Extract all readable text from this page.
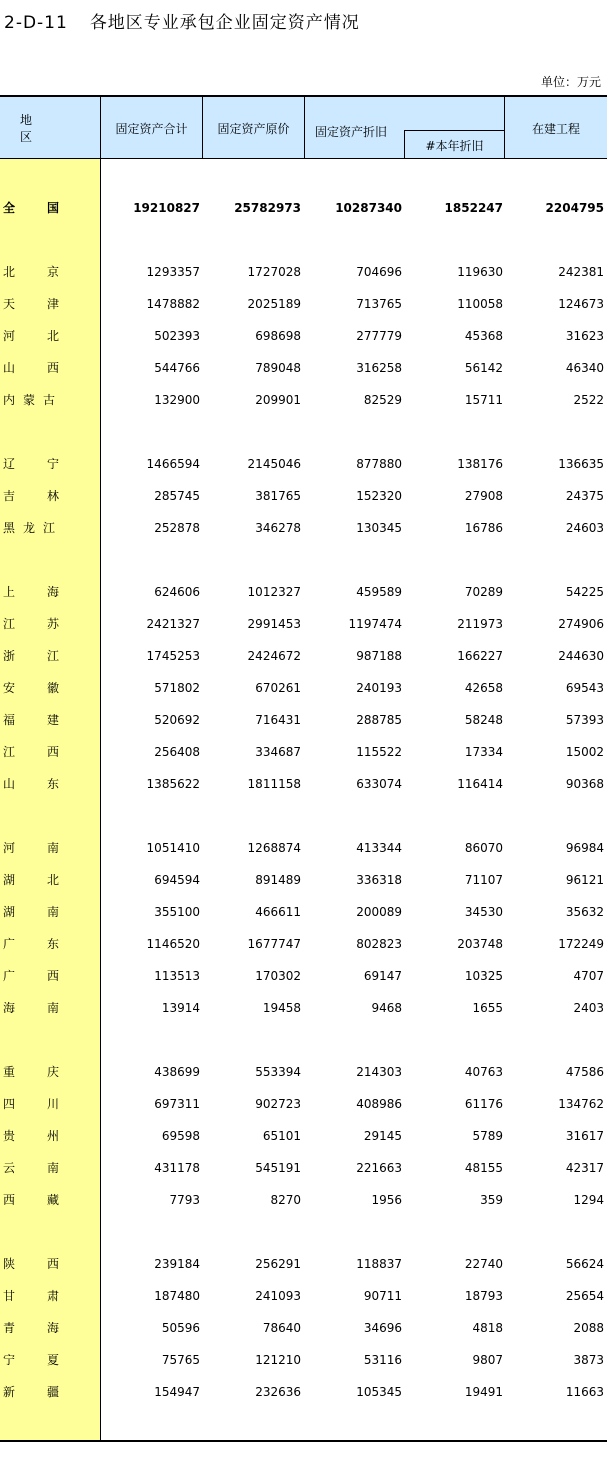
2-D-11 各地区专业承包企业固定资产情况
单位：万元
地 区
固定资产合计	固定资产原价	固定资产折旧
#本年折旧
在建工程
全	国	19210827	25782973	10287340	1852247	2204795
北	京	1293357	1727028	704696	119630	242381
天	津	1478882	2025189	713765	110058	124673
河	北	502393	698698	277779	45368	31623
山	西	544766	789048	316258	56142	46340
内 蒙 古	132900	209901	82529	15711	2522
辽	宁	1466594	2145046	877880	138176	136635
吉	林	285745	381765	152320	27908	24375
黑 龙 江	252878	346278	130345	16786	24603
上	海	624606	1012327	459589	70289	54225
江	苏	2421327	2991453	1197474	211973	274906
浙	江	1745253	2424672	987188	166227	244630
安	徽	571802	670261	240193	42658	69543
福	建	520692	716431	288785	58248	57393
江	西	256408	334687	115522	17334	15002
山	东	1385622	1811158	633074	116414	90368
河	南	1051410	1268874	413344	86070	96984
湖	北	694594	891489	336318	71107	96121
湖	南	355100	466611	200089	34530	35632
广	东	1146520	1677747	802823	203748	172249
广	西	113513	170302	69147	10325	4707
海	南	13914	19458	9468	1655	2403
重	庆	438699	553394	214303	40763	47586
四	川	697311	902723	408986	61176	134762
贵	州	69598	65101	29145	5789	31617
云	南	431178	545191	221663	48155	42317
西	藏	7793	8270	1956	359	1294
陕	西	239184	256291	118837	22740	56624
甘	肃	187480	241093	90711	18793	25654
青	海	50596	78640	34696	4818	2088
宁	夏	75765	121210	53116	9807	3873
新	疆	154947	232636	105345	19491	11663
